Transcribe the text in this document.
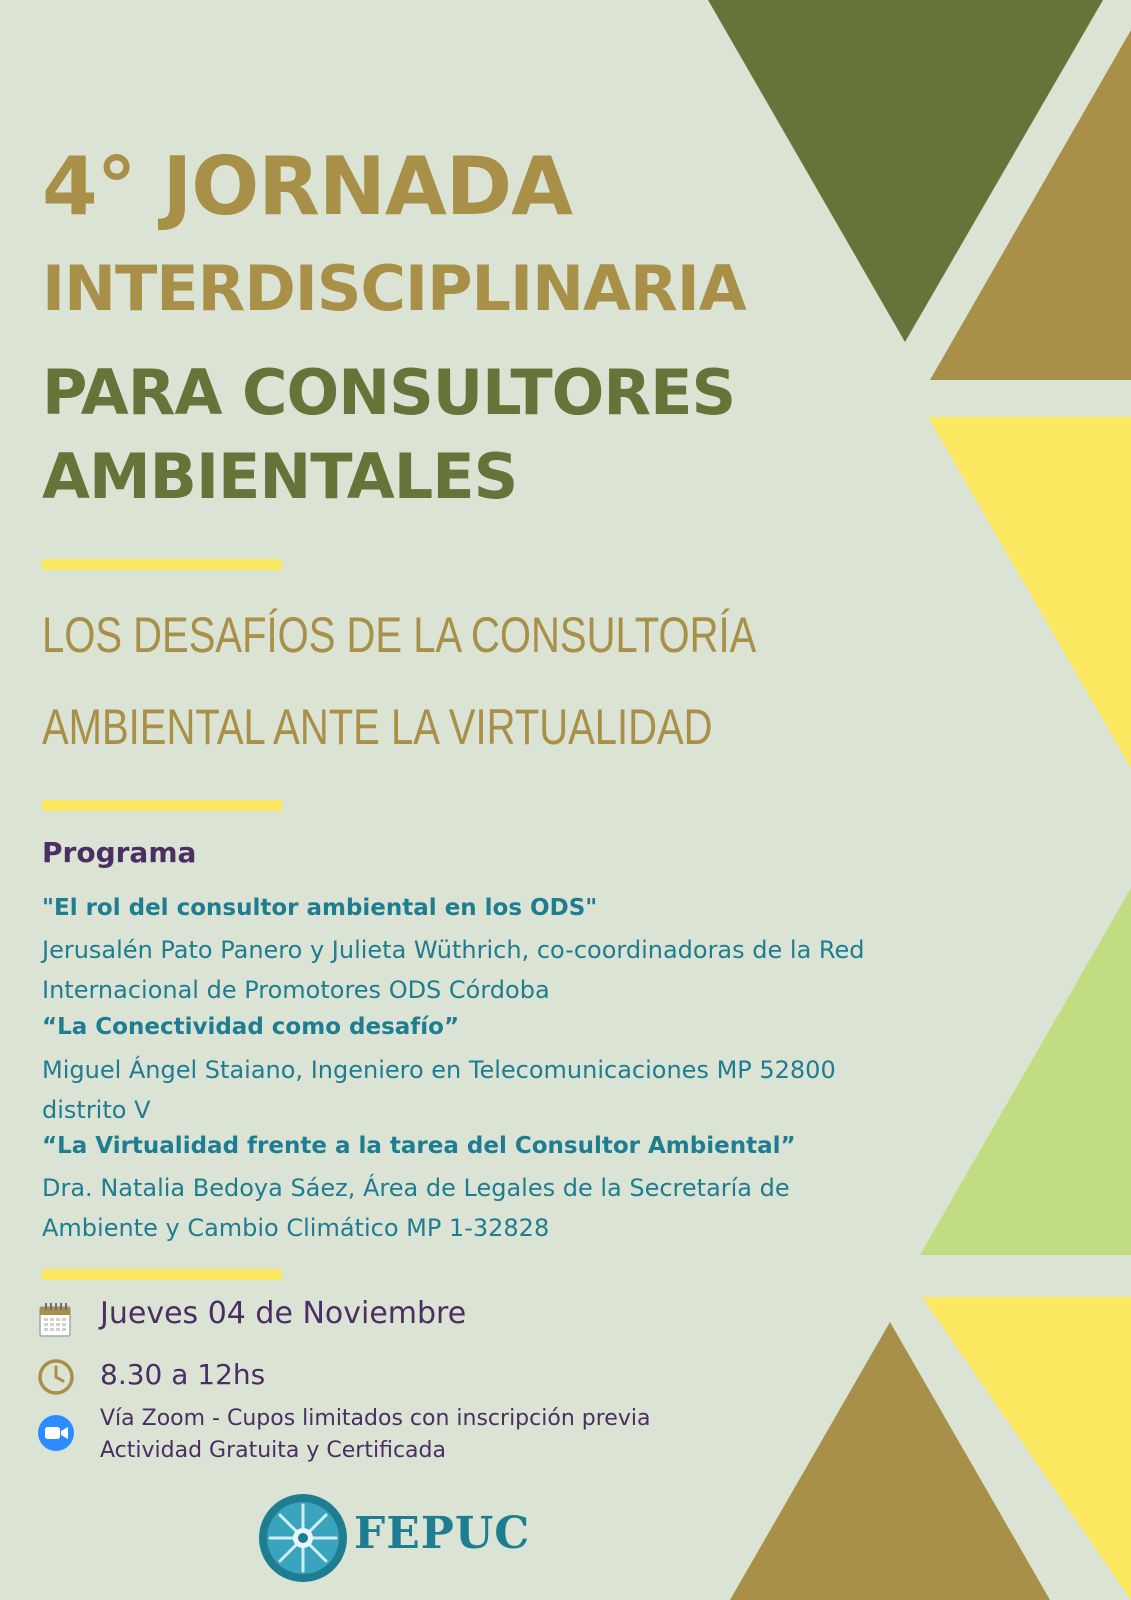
4° JORNADA
INTERDISCIPLINARIA
PARA CONSULTORES
AMBIENTALES
LOS DESAFÍOS DE LA CONSULTORÍA
AMBIENTAL ANTE LA VIRTUALIDAD
Programa
"El rol del consultor ambiental en los ODS"
Jerusalén Pato Panero y Julieta Wüthrich, co-coordinadoras de la Red Internacional de Promotores ODS Córdoba
“La Conectividad como desafío”
Miguel Ángel Staiano, Ingeniero en Telecomunicaciones MP 52800 distrito V
“La Virtualidad frente a la tarea del Consultor Ambiental”
Dra. Natalia Bedoya Sáez, Área de Legales de la Secretaría de Ambiente y Cambio Climático MP 1-32828
Jueves 04 de Noviembre
8.30 a 12hs
Vía Zoom - Cupos limitados con inscripción previa
Actividad Gratuita y Certificada
FEPUC
